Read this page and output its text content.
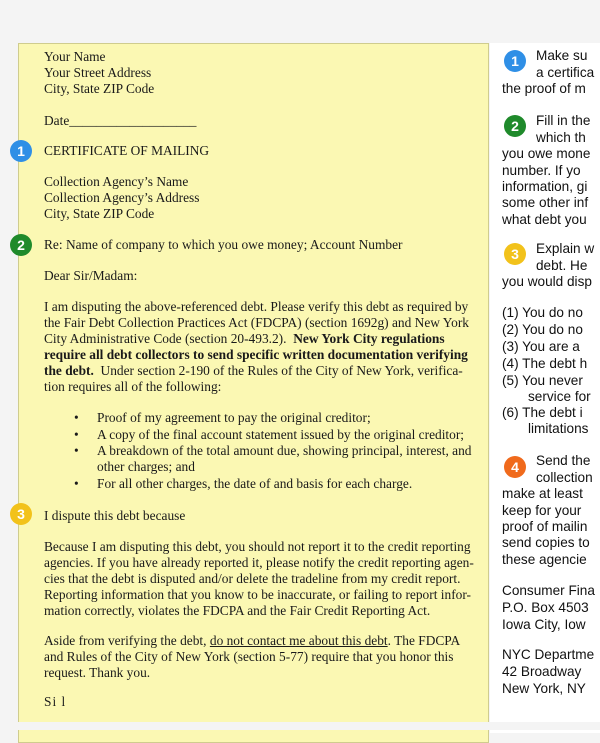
Your Name
Your Street Address
City, State ZIP Code
Date___________________
CERTIFICATE OF MAILING
Collection Agency’s Name
Collection Agency’s Address
City, State ZIP Code
Re: Name of company to which you owe money; Account Number
Dear Sir/Madam:
I am disputing the above-referenced debt. Please verify this debt as required by
the Fair Debt Collection Practices Act (FDCPA) (section 1692g) and New York
City Administrative Code (section 20-493.2). New York City regulations
require all debt collectors to send specific written documentation verifying
the debt. Under section 2-190 of the Rules of the City of New York, verifica-
tion requires all of the following:
• Proof of my agreement to pay the original creditor;
• A copy of the final account statement issued by the original creditor;
• A breakdown of the total amount due, showing principal, interest, and
other charges; and
• For all other charges, the date of and basis for each charge.
I dispute this debt because
Because I am disputing this debt, you should not report it to the credit reporting
agencies. If you have already reported it, please notify the credit reporting agen-
cies that the debt is disputed and/or delete the tradeline from my credit report.
Reporting information that you know to be inaccurate, or failing to report infor-
mation correctly, violates the FDCPA and the Fair Credit Reporting Act.
Aside from verifying the debt, do not contact me about this debt. The FDCPA
and Rules of the City of New York (section 5-77) require that you honor this
request. Thank you.
Si l
1
2
3
1	Make su
a certifica
the proof of m
2	Fill in the
which th
you owe mone
number. If yo
information, gi
some other inf
what debt you
3	Explain w
debt. He
you would disp
(1) You do no
(2) You do no
(3) You are a
(4) The debt h
(5) You never
service for
(6) The debt i
limitations
4	Send the
collection
make at least
keep for your
proof of mailin
send copies to
these agencie
Consumer Fina
P.O. Box 4503
Iowa City, Iow
NYC Departme
42 Broadway
New York, NY
